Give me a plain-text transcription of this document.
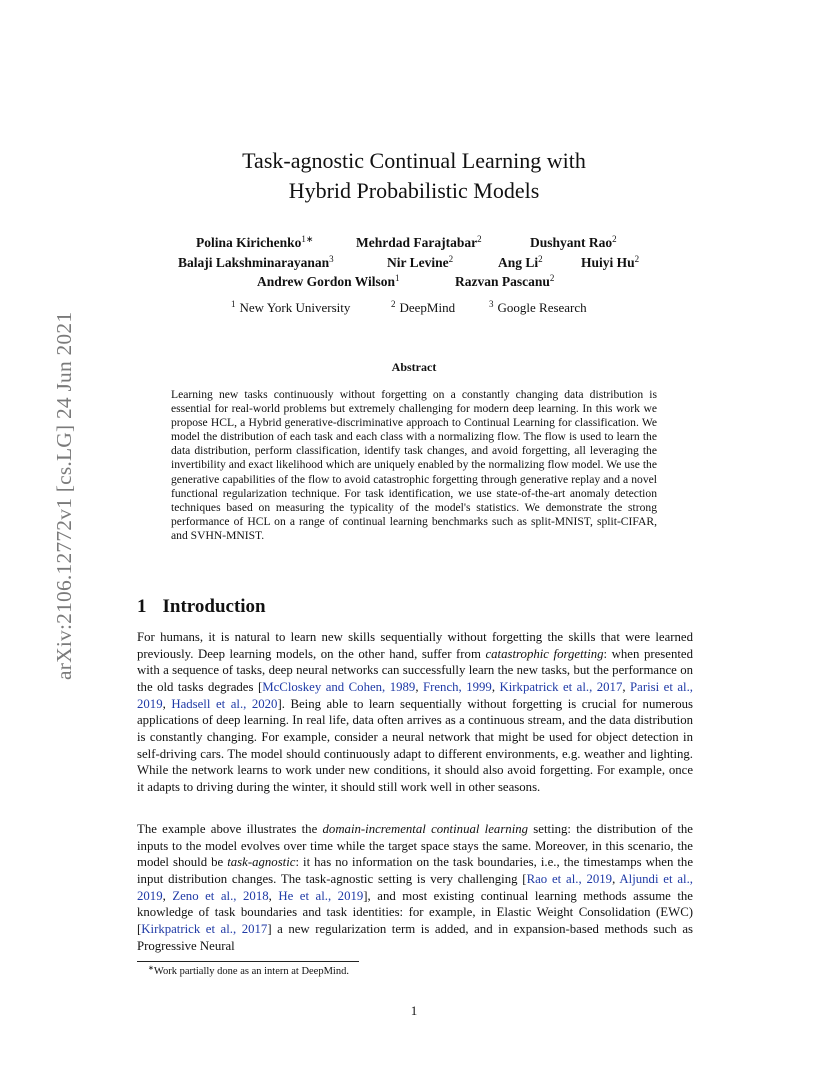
arXiv:2106.12772v1 [cs.LG] 24 Jun 2021
Task-agnostic Continual Learning with
Hybrid Probabilistic Models
Polina Kirichenko$^{1∗}$	Mehrdad Farajtabar$^2$	Dushyant Rao$^2$
Balaji Lakshminarayanan$^3$	Nir Levine$^2$	Ang Li$^2$	Huiyi Hu$^2$
Andrew Gordon Wilson$^1$	Razvan Pascanu$^2$
$^1$ New York University	$^2$ DeepMind	$^3$ Google Research
Abstract
Learning new tasks continuously without forgetting on a constantly changing data distribution is essential for real-world problems but extremely challenging for modern deep learning. In this work we propose HCL, a Hybrid generative-discriminative approach to Continual Learning for classification. We model the distribution of each task and each class with a normalizing flow. The flow is used to learn the data distribution, perform classification, identify task changes, and avoid forgetting, all leveraging the invertibility and exact likelihood which are uniquely enabled by the normalizing flow model. We use the generative capabilities of the flow to avoid catastrophic forgetting through generative replay and a novel functional regularization technique. For task identification, we use state-of-the-art anomaly detection techniques based on measuring the typicality of the model's statistics. We demonstrate the strong performance of HCL on a range of continual learning benchmarks such as split-MNIST, split-CIFAR, and SVHN-MNIST.
1 Introduction
For humans, it is natural to learn new skills sequentially without forgetting the skills that were learned previously. Deep learning models, on the other hand, suffer from catastrophic forgetting: when presented with a sequence of tasks, deep neural networks can successfully learn the new tasks, but the performance on the old tasks degrades [McCloskey and Cohen, 1989, French, 1999, Kirkpatrick et al., 2017, Parisi et al., 2019, Hadsell et al., 2020]. Being able to learn sequentially without forgetting is crucial for numerous applications of deep learning. In real life, data often arrives as a continuous stream, and the data distribution is constantly changing. For example, consider a neural network that might be used for object detection in self-driving cars. The model should continuously adapt to different environments, e.g. weather and lighting. While the network learns to work under new conditions, it should also avoid forgetting. For example, once it adapts to driving during the winter, it should still work well in other seasons.
The example above illustrates the domain-incremental continual learning setting: the distribution of the inputs to the model evolves over time while the target space stays the same. Moreover, in this scenario, the model should be task-agnostic: it has no information on the task boundaries, i.e., the timestamps when the input distribution changes. The task-agnostic setting is very challenging [Rao et al., 2019, Aljundi et al., 2019, Zeno et al., 2018, He et al., 2019], and most existing continual learning methods assume the knowledge of task boundaries and task identities: for example, in Elastic Weight Consolidation (EWC) [Kirkpatrick et al., 2017] a new regularization term is added, and in expansion-based methods such as Progressive Neural
∗Work partially done as an intern at DeepMind.
1
